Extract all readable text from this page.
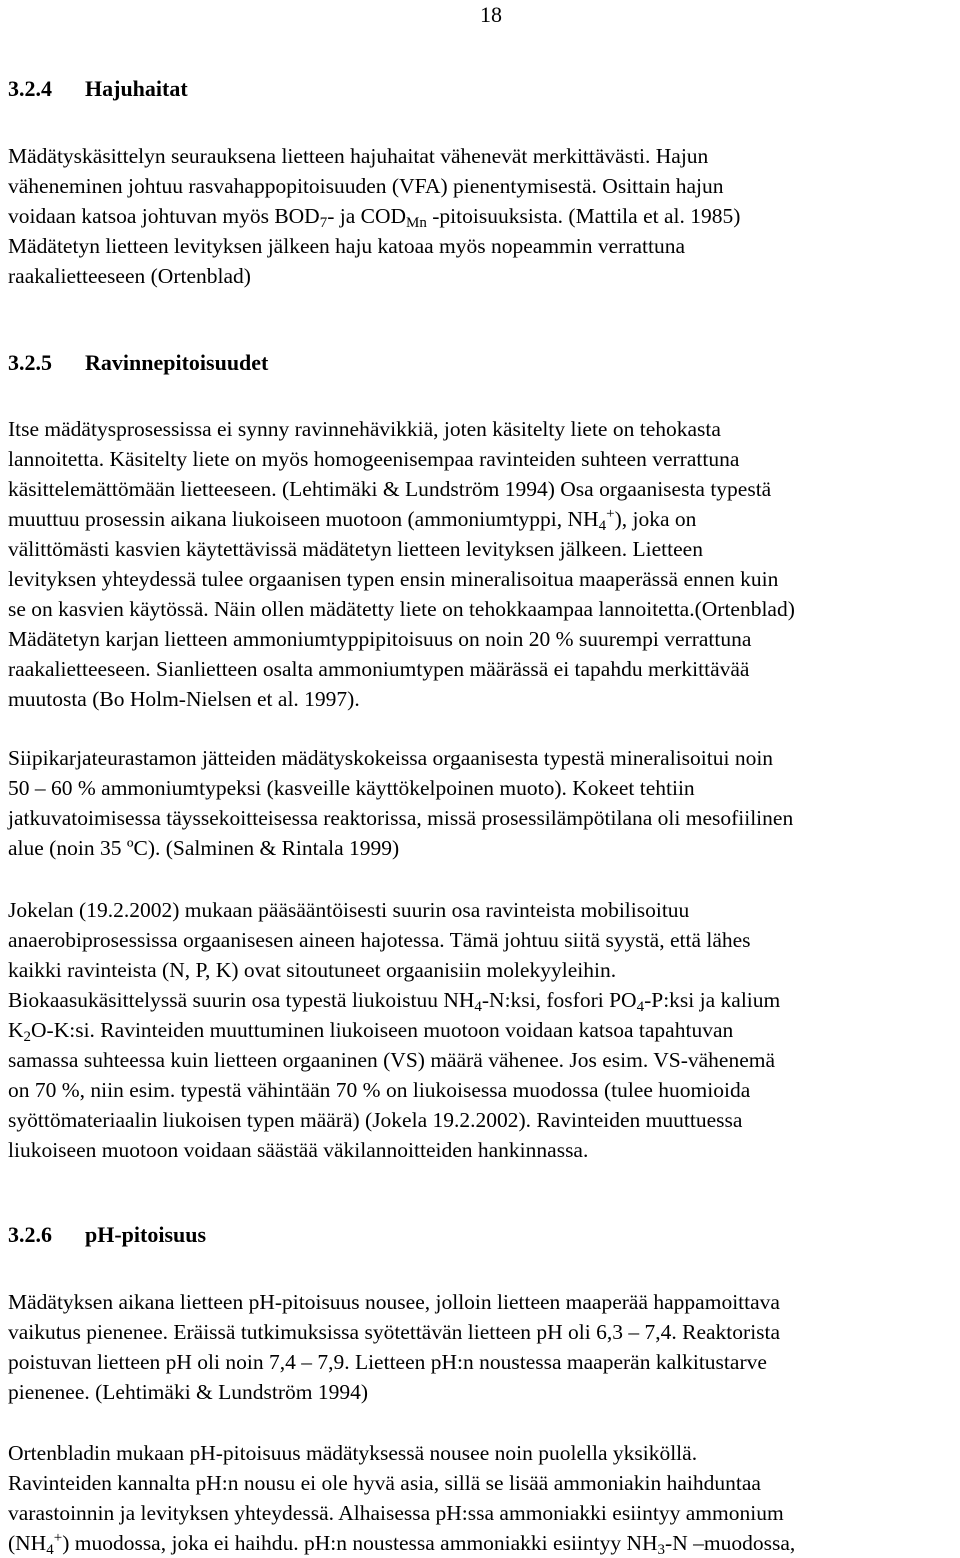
18
3.2.4 Hajuhaitat
Mädätyskäsittelyn seurauksena lietteen hajuhaitat vähenevät merkittävästi. Hajun
väheneminen johtuu rasvahappopitoisuuden (VFA) pienentymisestä. Osittain hajun
voidaan katsoa johtuvan myös $BOD_7-$ ja $COD_{Mn}$ -pitoisuuksista. (Mattila et al. 1985)
Mädätetyn lietteen levityksen jälkeen haju katoaa myös nopeammin verrattuna
raakalietteeseen (Ortenblad)
3.2.5 Ravinnepitoisuudet
Itse mädätysprosessissa ei synny ravinnehävikkiä, joten käsitelty liete on tehokasta
lannoitetta. Käsitelty liete on myös homogeenisempaa ravinteiden suhteen verrattuna
käsittelemättömään lietteeseen. (Lehtimäki & Lundström 1994) Osa orgaanisesta typestä
muuttuu prosessin aikana liukoiseen muotoon (ammoniumtyppi, $NH_4^+$), joka on
välittömästi kasvien käytettävissä mädätetyn lietteen levityksen jälkeen. Lietteen
levityksen yhteydessä tulee orgaanisen typen ensin mineralisoitua maaperässä ennen kuin
se on kasvien käytössä. Näin ollen mädätetty liete on tehokkaampaa lannoitetta.(Ortenblad)
Mädätetyn karjan lietteen ammoniumtyppipitoisuus on noin 20 % suurempi verrattuna
raakalietteeseen. Sianlietteen osalta ammoniumtypen määrässä ei tapahdu merkittävää
muutosta (Bo Holm-Nielsen et al. 1997).
Siipikarjateurastamon jätteiden mädätyskokeissa orgaanisesta typestä mineralisoitui noin
50 – 60 % ammoniumtypeksi (kasveille käyttökelpoinen muoto). Kokeet tehtiin
jatkuvatoimisessa täyssekoitteisessa reaktorissa, missä prosessilämpötilana oli mesofiilinen
alue (noin 35 ºC). (Salminen & Rintala 1999)
Jokelan (19.2.2002) mukaan pääsääntöisesti suurin osa ravinteista mobilisoituu
anaerobiprosessissa orgaanisesen aineen hajotessa. Tämä johtuu siitä syystä, että lähes
kaikki ravinteista (N, P, K) ovat sitoutuneet orgaanisiin molekyyleihin.
Biokaasukäsittelyssä suurin osa typestä liukoistuu $NH_4-N:ksi$, fosfori $PO_4-P:ksi$ ja kalium
$K_2O-K:si$. Ravinteiden muuttuminen liukoiseen muotoon voidaan katsoa tapahtuvan
samassa suhteessa kuin lietteen orgaaninen (VS) määrä vähenee. Jos esim. VS-vähenemä
on 70 %, niin esim. typestä vähintään 70 % on liukoisessa muodossa (tulee huomioida
syöttömateriaalin liukoisen typen määrä) (Jokela 19.2.2002). Ravinteiden muuttuessa
liukoiseen muotoon voidaan säästää väkilannoitteiden hankinnassa.
3.2.6 pH-pitoisuus
Mädätyksen aikana lietteen pH-pitoisuus nousee, jolloin lietteen maaperää happamoittava
vaikutus pienenee. Eräissä tutkimuksissa syötettävän lietteen pH oli 6,3 – 7,4. Reaktorista
poistuvan lietteen pH oli noin 7,4 – 7,9. Lietteen pH:n noustessa maaperän kalkitustarve
pienenee. (Lehtimäki & Lundström 1994)
Ortenbladin mukaan pH-pitoisuus mädätyksessä nousee noin puolella yksiköllä.
Ravinteiden kannalta pH:n nousu ei ole hyvä asia, sillä se lisää ammoniakin haihduntaa
varastoinnin ja levityksen yhteydessä. Alhaisessa pH:ssa ammoniakki esiintyy ammonium
$(NH_4^+)$ muodossa, joka ei haihdu. pH:n noustessa ammoniakki esiintyy $NH_3-N$ –muodossa,
